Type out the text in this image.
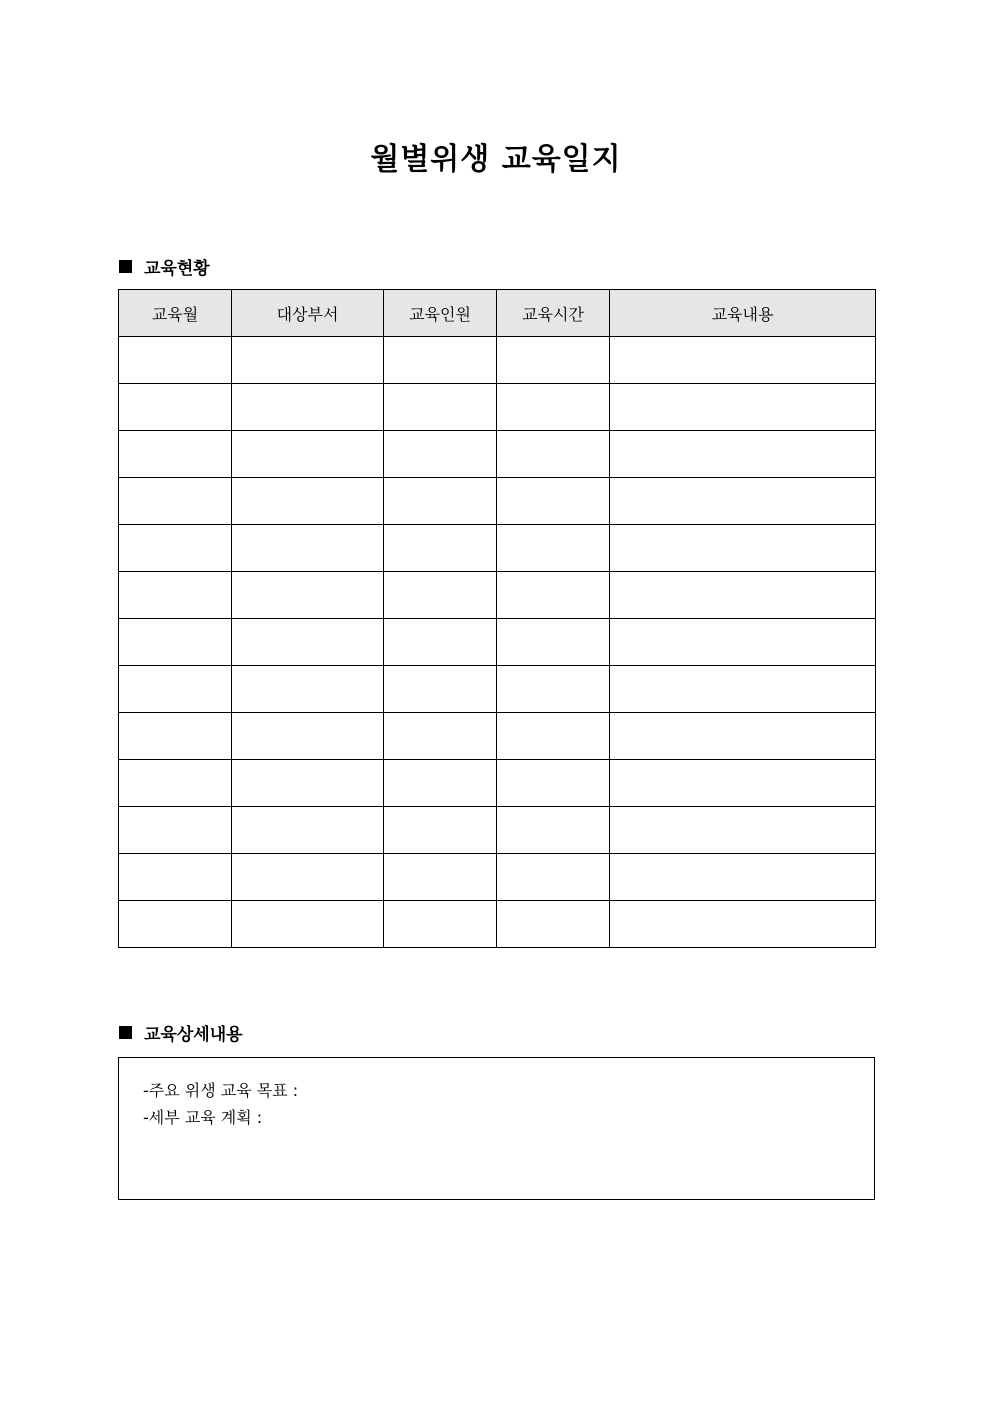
월별위생 교육일지
교육현황
교육월	대상부서	교육인원	교육시간	교육내용

교육상세내용
-주요 위생 교육 목표 :
-세부 교육 계획 :
